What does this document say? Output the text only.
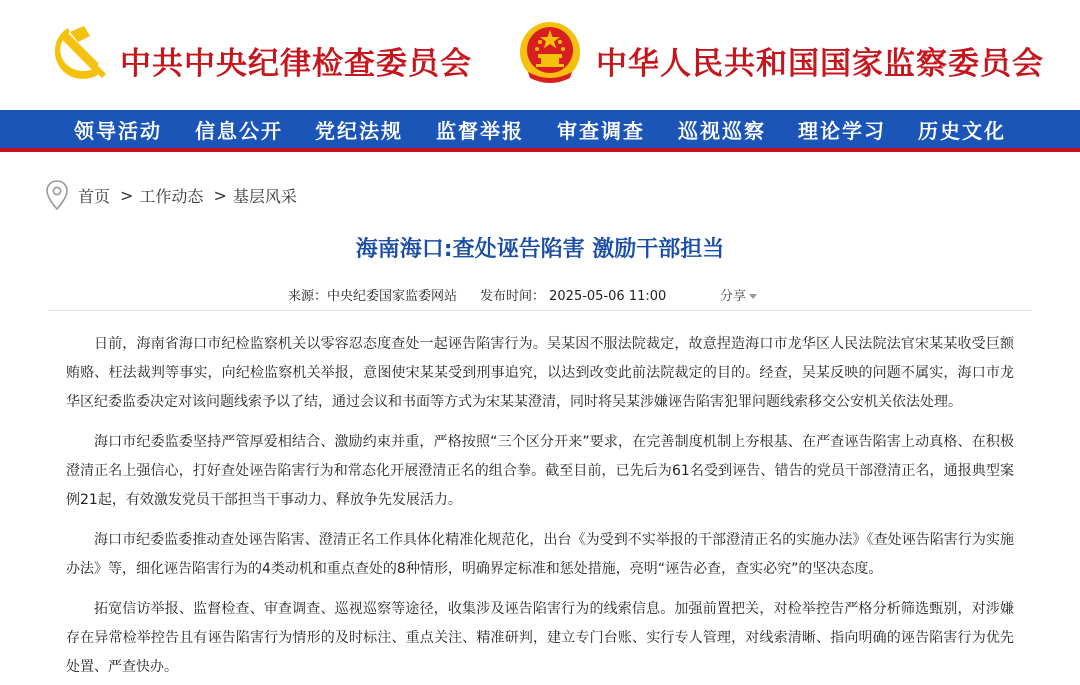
中共中央纪律检查委员会	中华人民共和国国家监察委员会
领导活动 信息公开 党纪法规 监督举报 审查调查 巡视巡察 理论学习 历史文化
首页 > 工作动态 > 基层风采
海南海口:查处诬告陷害 激励干部担当
来源：中央纪委国家监委网站 发布时间： 2025-05-06 11:00	分享

日前，海南省海口市纪检监察机关以零容忍态度查处一起诬告陷害行为。吴某因不服法院裁定，故意捏造海口市龙华区人民法院法官宋某某收受巨额贿赂、枉法裁判等事实，向纪检监察机关举报，意图使宋某某受到刑事追究，以达到改变此前法院裁定的目的。经查，吴某反映的问题不属实，海口市龙华区纪委监委决定对该问题线索予以了结，通过会议和书面等方式为宋某某澄清，同时将吴某涉嫌诬告陷害犯罪问题线索移交公安机关依法处理。

海口市纪委监委坚持严管厚爱相结合、激励约束并重，严格按照“三个区分开来”要求，在完善制度机制上夯根基、在严查诬告陷害上动真格、在积极澄清正名上强信心，打好查处诬告陷害行为和常态化开展澄清正名的组合拳。截至目前，已先后为61名受到诬告、错告的党员干部澄清正名，通报典型案例21起，有效激发党员干部担当干事动力、释放争先发展活力。

海口市纪委监委推动查处诬告陷害、澄清正名工作具体化精准化规范化，出台《为受到不实举报的干部澄清正名的实施办法》《查处诬告陷害行为实施办法》等，细化诬告陷害行为的4类动机和重点查处的8种情形，明确界定标准和惩处措施，亮明“诬告必查，查实必究”的坚决态度。

拓宽信访举报、监督检查、审查调查、巡视巡察等途径，收集涉及诬告陷害行为的线索信息。加强前置把关，对检举控告严格分析筛选甄别，对涉嫌存在异常检举控告且有诬告陷害行为情形的及时标注、重点关注、精准研判，建立专门台账、实行专人管理，对线索清晰、指向明确的诬告陷害行为优先处置、严查快办。
